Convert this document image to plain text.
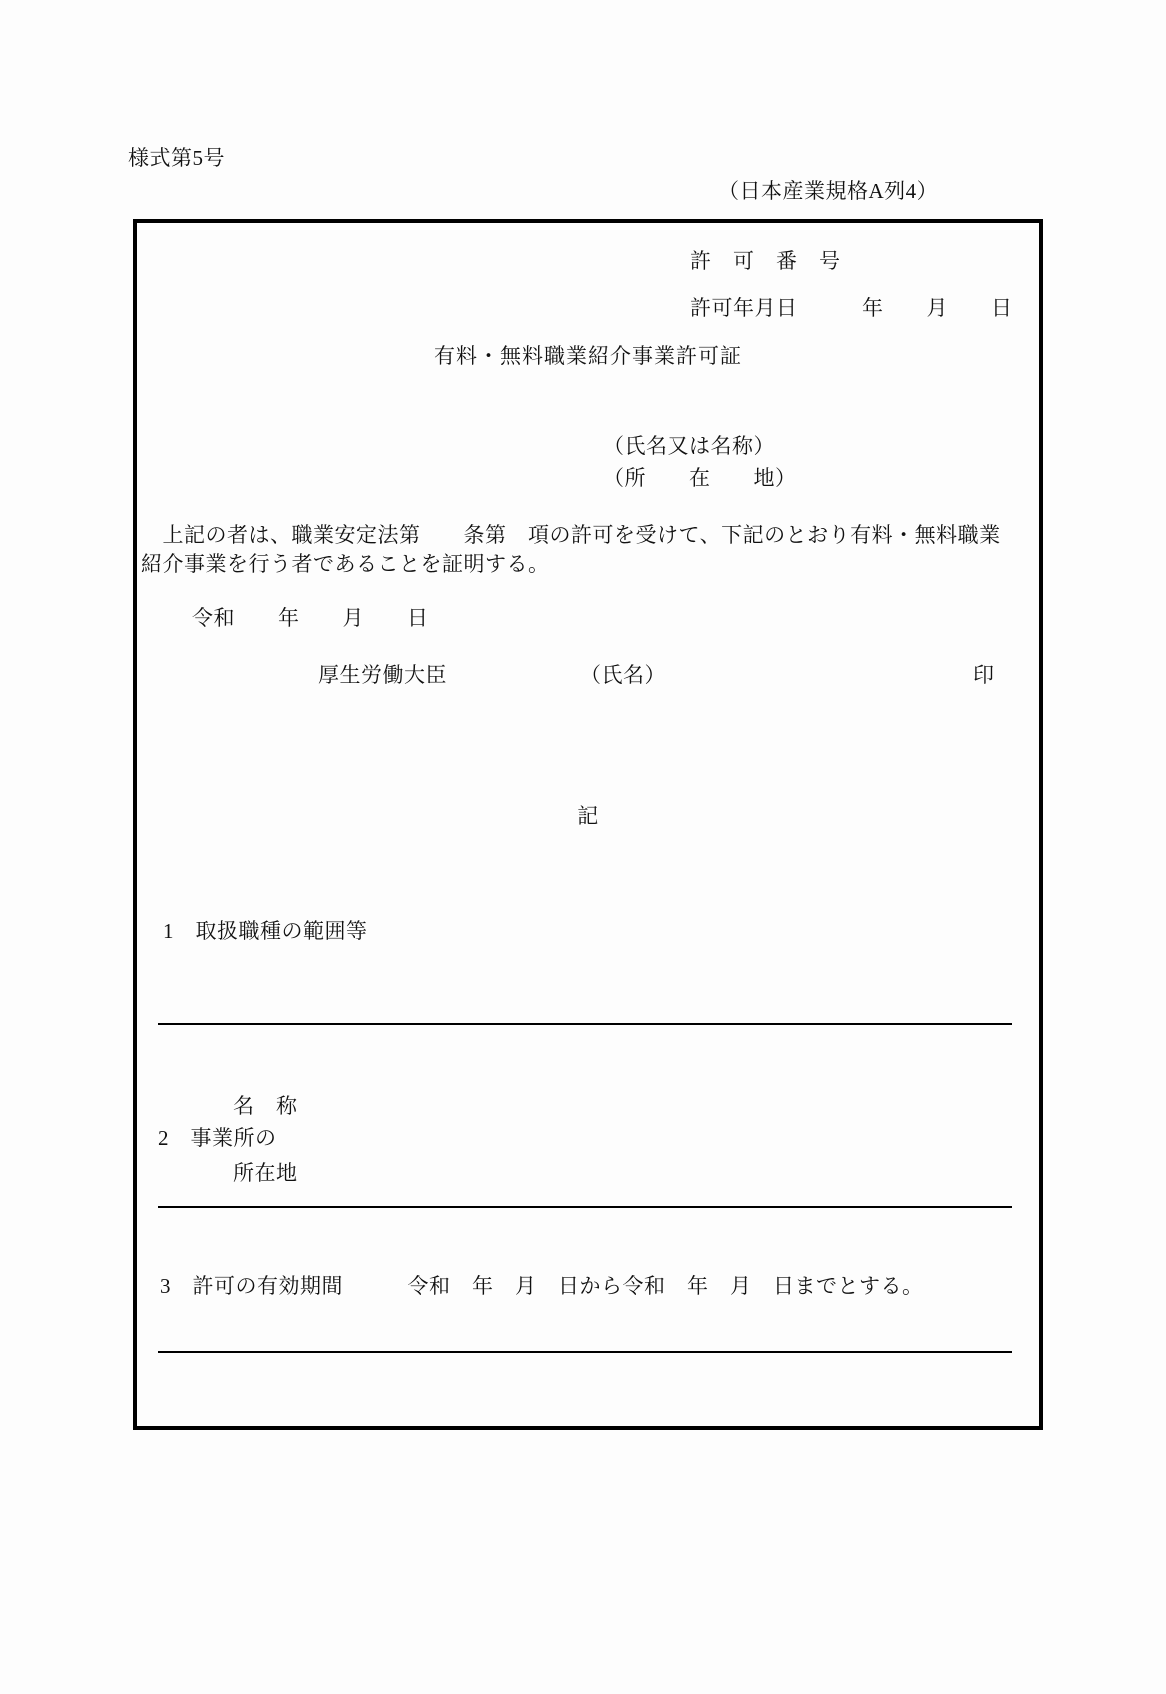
様式第5号
（日本産業規格A列4）
許　可　番　号
許可年月日　　　年　　月　　日
有料・無料職業紹介事業許可証
（氏名又は名称）
（所　　在　　地）
　上記の者は、職業安定法第　　条第　項の許可を受けて、下記のとおり有料・無料職業
紹介事業を行う者であることを証明する。
令和　　年　　月　　日
厚生労働大臣	（氏名）	印
記
1　取扱職種の範囲等
名　称
2　事業所の
所在地
3　許可の有効期間　　　令和　年　月　日から令和　年　月　日までとする。
